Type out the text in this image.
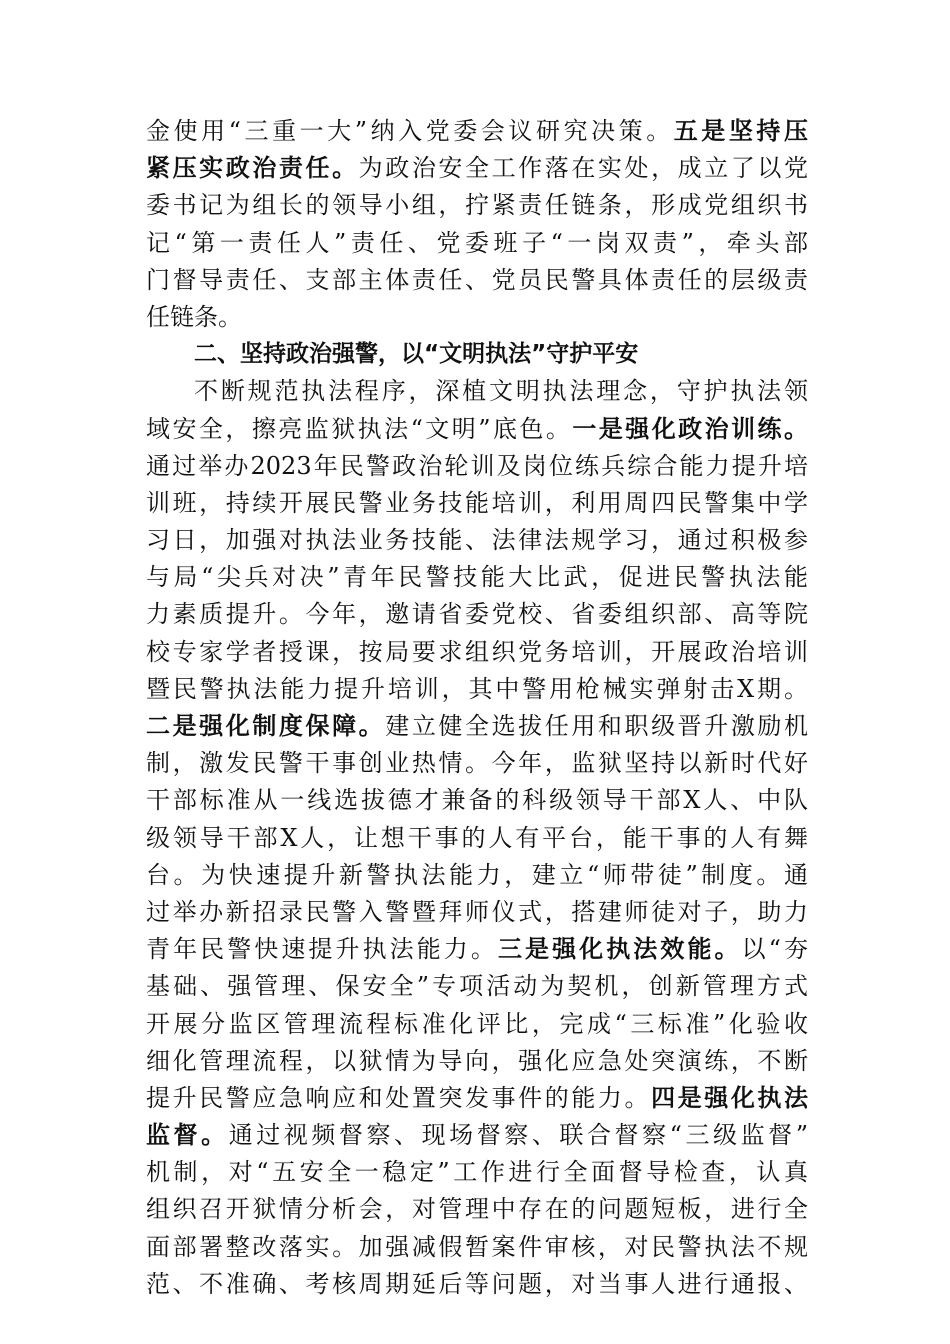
金使用“三重一大”纳入党委会议研究决策。五是坚持压
紧压实政治责任。为政治安全工作落在实处，成立了以党
委书记为组长的领导小组，拧紧责任链条，形成党组织书
记“第一责任人”责任、党委班子“一岗双责”，牵头部
门督导责任、支部主体责任、党员民警具体责任的层级责
任链条。
二、坚持政治强警，以“文明执法”守护平安
不断规范执法程序，深植文明执法理念，守护执法领
域安全，擦亮监狱执法“文明”底色。一是强化政治训练。
通过举办2023年民警政治轮训及岗位练兵综合能力提升培
训班，持续开展民警业务技能培训，利用周四民警集中学
习日，加强对执法业务技能、法律法规学习，通过积极参
与局“尖兵对决”青年民警技能大比武，促进民警执法能
力素质提升。今年，邀请省委党校、省委组织部、高等院
校专家学者授课，按局要求组织党务培训，开展政治培训
暨民警执法能力提升培训，其中警用枪械实弹射击X期。
二是强化制度保障。建立健全选拔任用和职级晋升激励机
制，激发民警干事创业热情。今年，监狱坚持以新时代好
干部标准从一线选拔德才兼备的科级领导干部X人、中队
级领导干部X人，让想干事的人有平台，能干事的人有舞
台。为快速提升新警执法能力，建立“师带徒”制度。通
过举办新招录民警入警暨拜师仪式，搭建师徒对子，助力
青年民警快速提升执法能力。三是强化执法效能。以“夯
基础、强管理、保安全”专项活动为契机，创新管理方式
开展分监区管理流程标准化评比，完成“三标准”化验收
细化管理流程，以狱情为导向，强化应急处突演练，不断
提升民警应急响应和处置突发事件的能力。四是强化执法
监督。通过视频督察、现场督察、联合督察“三级监督”
机制，对“五安全一稳定”工作进行全面督导检查，认真
组织召开狱情分析会，对管理中存在的问题短板，进行全
面部署整改落实。加强减假暂案件审核，对民警执法不规
范、不准确、考核周期延后等问题，对当事人进行通报、
